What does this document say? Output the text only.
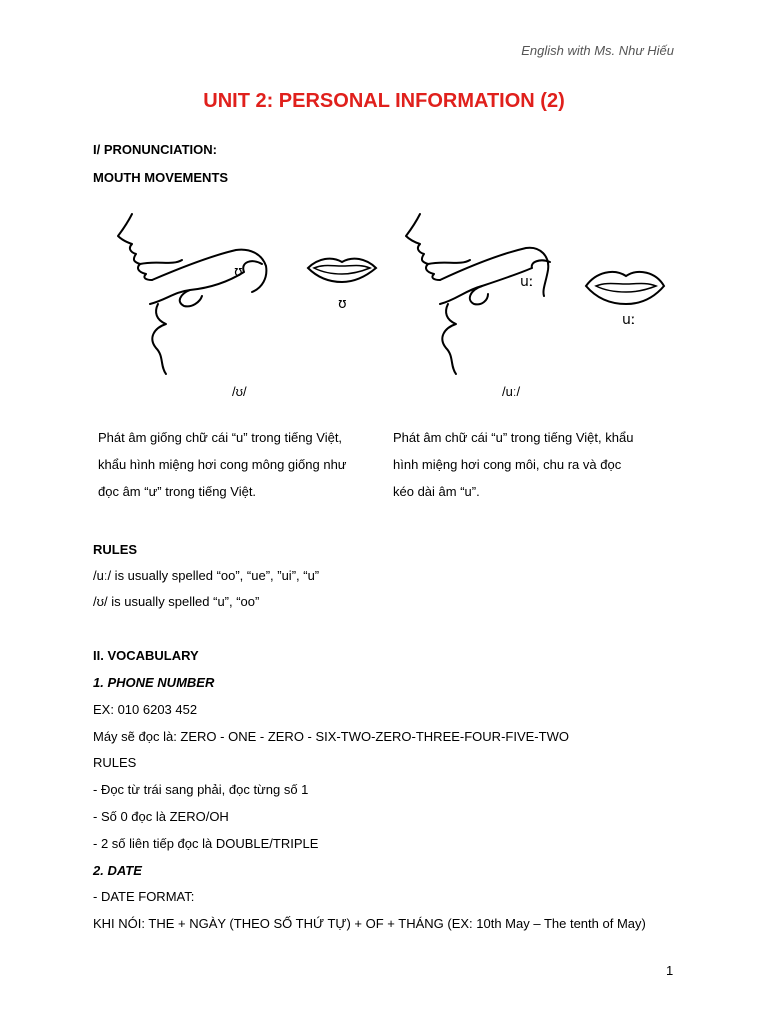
English with Ms. Như Hiếu
UNIT 2: PERSONAL INFORMATION (2)
I/ PRONUNCIATION:
MOUTH MOVEMENTS
ʊ
ʊ
uː
uː
/ʊ/	/uː/
Phát âm giống chữ cái “u” trong tiếng Việt,
khẩu hình miệng hơi cong mông giống như
đọc âm “ư” trong tiếng Việt.
Phát âm chữ cái “u” trong tiếng Việt, khẩu
hình miệng hơi cong môi, chu ra và đọc
kéo dài âm “u”.
RULES
/uː/ is usually spelled “oo”, “ue”, ”ui”, “u”
/ʊ/ is usually spelled “u”, “oo”
II. VOCABULARY
1. PHONE NUMBER
EX: 010 6203 452
Máy sẽ đọc là: ZERO - ONE - ZERO - SIX-TWO-ZERO-THREE-FOUR-FIVE-TWO
RULES
- Đọc từ trái sang phải, đọc từng số 1
- Số 0 đọc là ZERO/OH
- 2 số liên tiếp đọc là DOUBLE/TRIPLE
2. DATE
- DATE FORMAT:
KHI NÓI: THE + NGÀY (THEO SỐ THỨ TỰ) + OF + THÁNG (EX: 10th May – The tenth of May)
1
